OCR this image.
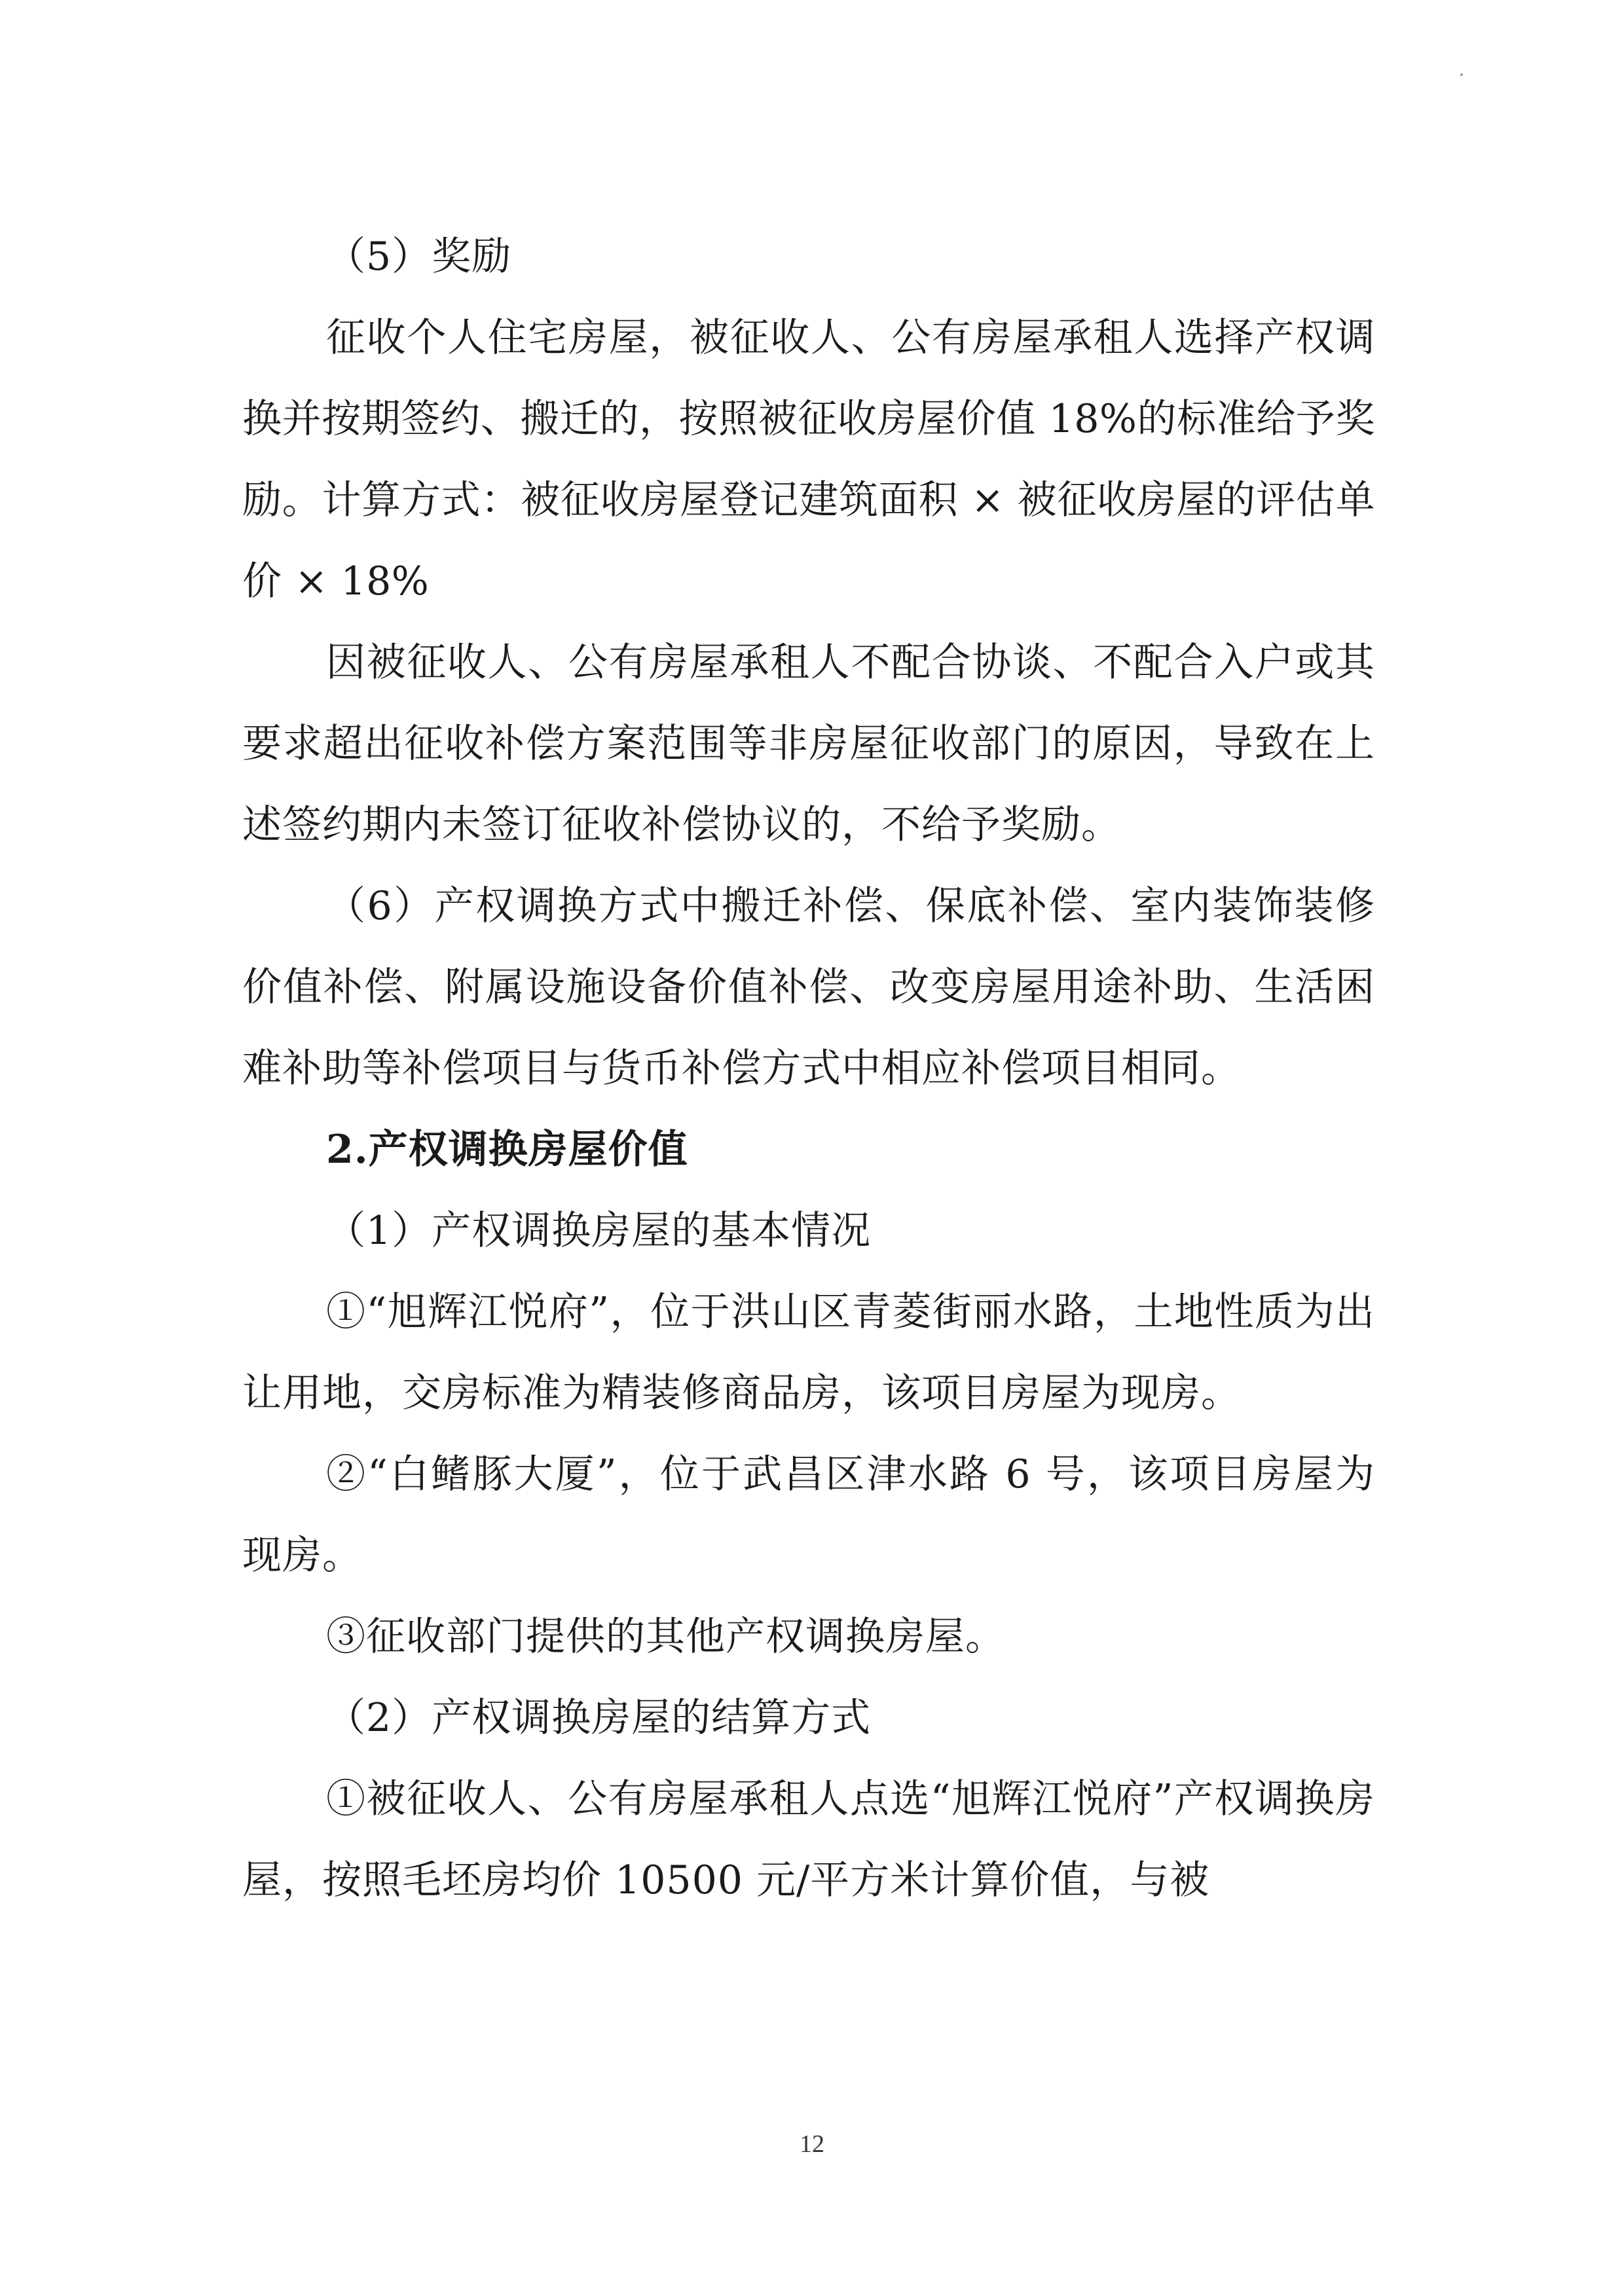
（5）奖励

征收个人住宅房屋，被征收人、公有房屋承租人选择产权调换并按期签约、搬迁的，按照被征收房屋价值 18%的标准给予奖励。计算方式：被征收房屋登记建筑面积 × 被征收房屋的评估单价 × 18%

因被征收人、公有房屋承租人不配合协谈、不配合入户或其要求超出征收补偿方案范围等非房屋征收部门的原因，导致在上述签约期内未签订征收补偿协议的，不给予奖励。

（6）产权调换方式中搬迁补偿、保底补偿、室内装饰装修价值补偿、附属设施设备价值补偿、改变房屋用途补助、生活困难补助等补偿项目与货币补偿方式中相应补偿项目相同。

2.产权调换房屋价值

（1）产权调换房屋的基本情况

①“旭辉江悦府”，位于洪山区青菱街丽水路，土地性质为出让用地，交房标准为精装修商品房，该项目房屋为现房。

②“白鳍豚大厦”，位于武昌区津水路 6 号，该项目房屋为现房。

③征收部门提供的其他产权调换房屋。

（2）产权调换房屋的结算方式

①被征收人、公有房屋承租人点选“旭辉江悦府”产权调换房屋，按照毛坯房均价 10500 元/平方米计算价值，与被

12
